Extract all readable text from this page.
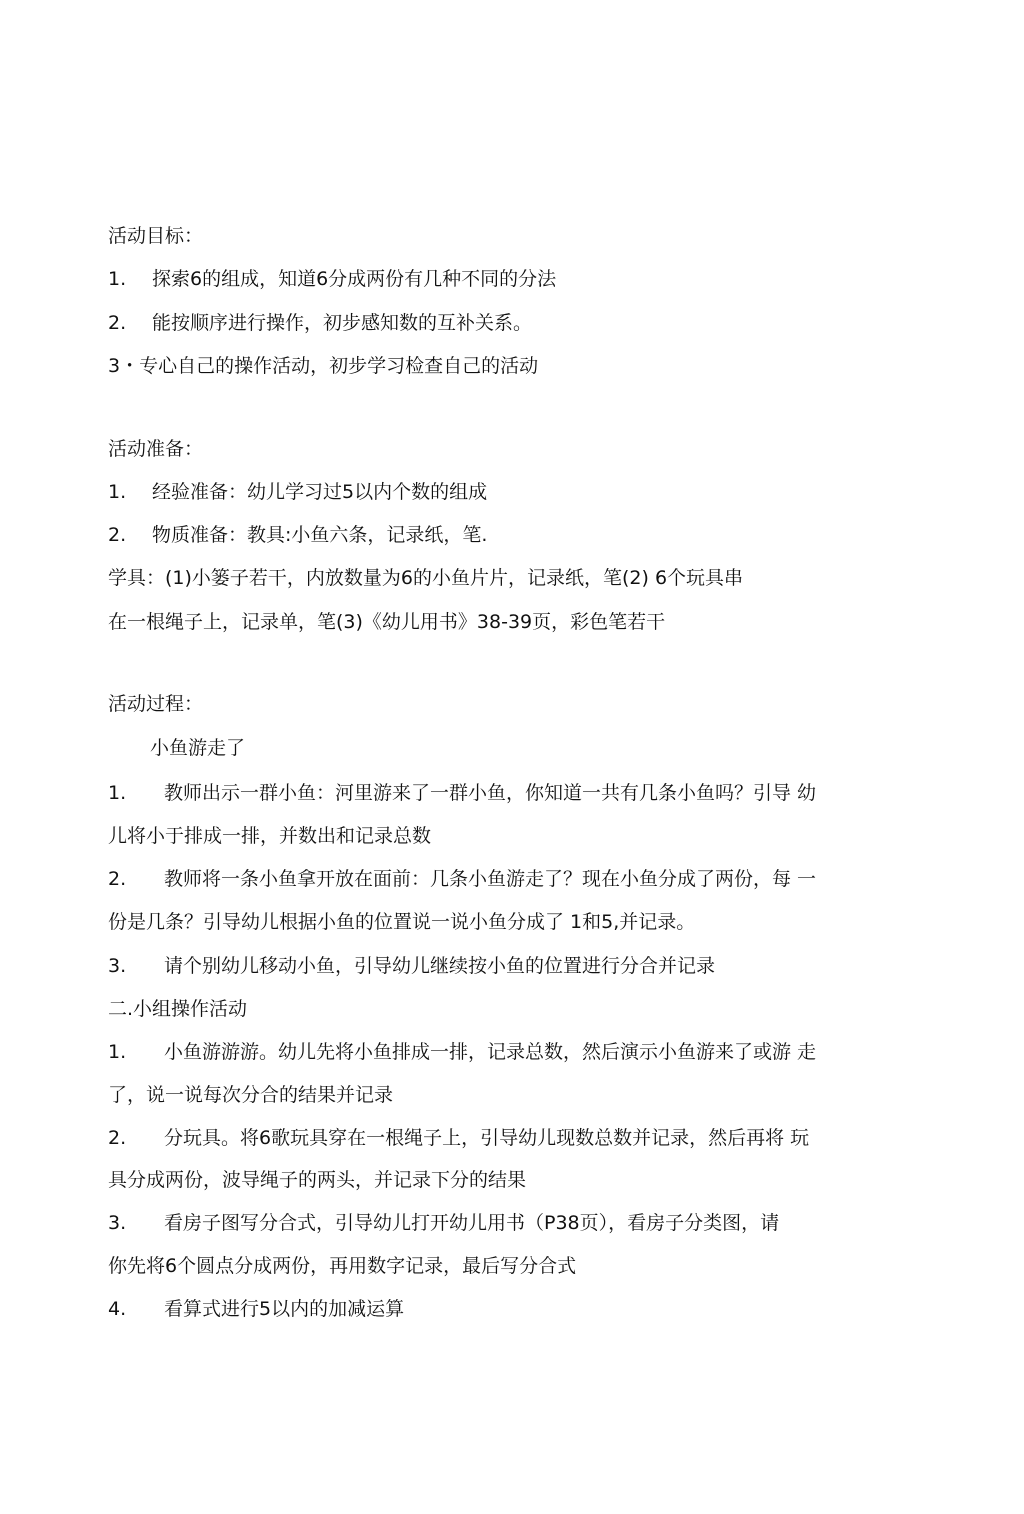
活动目标：
1. 探索6的组成，知道6分成两份有几种不同的分法
2. 能按顺序进行操作，初步感知数的互补关系。
3・专心自己的操作活动，初步学习检查自己的活动
活动准备：
1. 经验准备：幼儿学习过5以内个数的组成
2. 物质准备：教具:小鱼六条，记录纸，笔.
学具：(1)小篓子若干，内放数量为6的小鱼片片，记录纸，笔(2) 6个玩具串
在一根绳子上，记录单，笔(3)《幼儿用书》38-39页，彩色笔若干
活动过程：
小鱼游走了
1. 教师出示一群小鱼：河里游来了一群小鱼，你知道一共有几条小鱼吗？引导 幼
儿将小于排成一排，并数出和记录总数
2. 教师将一条小鱼拿开放在面前：几条小鱼游走了？现在小鱼分成了两份，每 一
份是几条？引导幼儿根据小鱼的位置说一说小鱼分成了 1和5,并记录。
3. 请个别幼儿移动小鱼，引导幼儿继续按小鱼的位置进行分合并记录
二.小组操作活动
1. 小鱼游游游。幼儿先将小鱼排成一排，记录总数，然后演示小鱼游来了或游 走
了，说一说每次分合的结果并记录
2. 分玩具。将6歌玩具穿在一根绳子上，引导幼儿现数总数并记录，然后再将 玩
具分成两份，波导绳子的两头，并记录下分的结果
3. 看房子图写分合式，引导幼儿打开幼儿用书（P38页），看房子分类图，请
你先将6个圆点分成两份，再用数字记录，最后写分合式
4. 看算式进行5以内的加减运算
